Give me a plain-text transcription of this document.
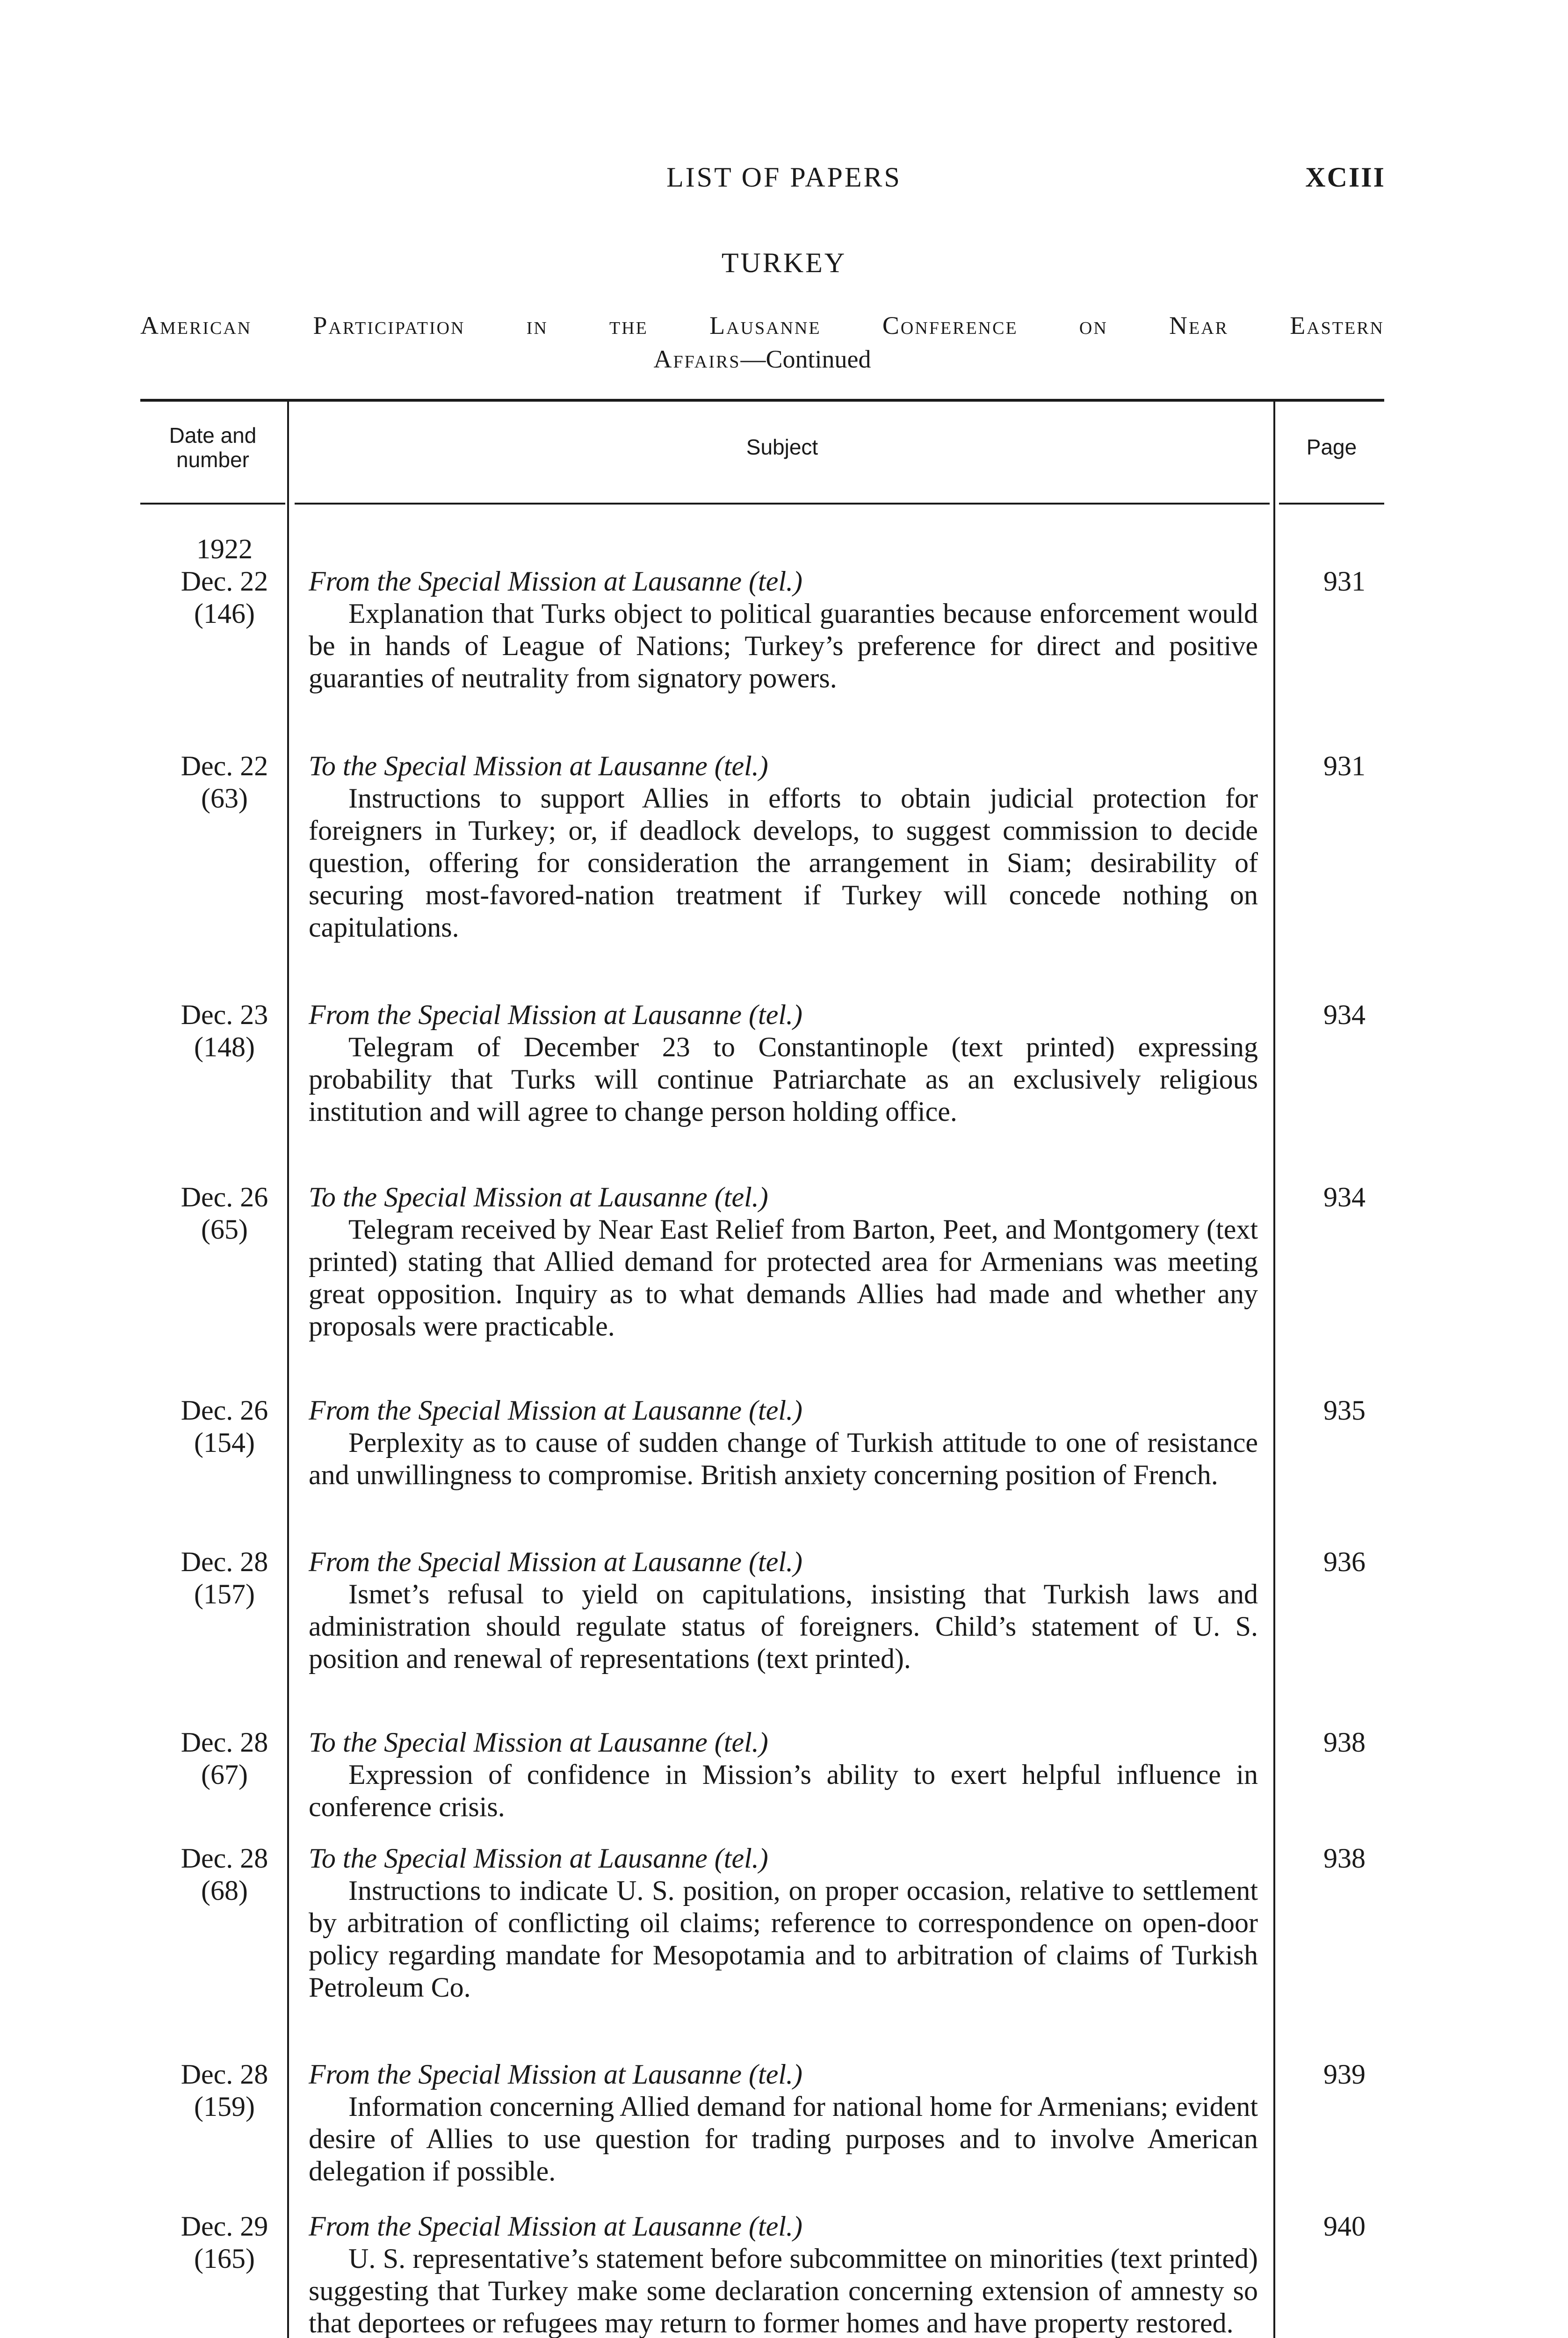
LIST OF PAPERS	XCIII
TURKEY
American Participation in the Lausanne Conference on Near Eastern
Affairs—Continued
Date and
number
Subject	Page
1922
Dec. 22
(146)
From the Special Mission at Lausanne (tel.)
Explanation that Turks object to political guaranties because enforcement would be in hands of League of Nations; Turkey’s preference for direct and positive guaranties of neutrality from signatory powers.
931
Dec. 22
(63)
To the Special Mission at Lausanne (tel.)
Instructions to support Allies in efforts to obtain judicial protection for foreigners in Turkey; or, if deadlock develops, to suggest commission to decide question, offering for consideration the arrangement in Siam; desirability of securing most-favored-nation treatment if Turkey will concede nothing on capitulations.
931
Dec. 23
(148)
From the Special Mission at Lausanne (tel.)
Telegram of December 23 to Constantinople (text printed) expressing probability that Turks will continue Patriarchate as an exclusively religious institution and will agree to change person holding office.
934
Dec. 26
(65)
To the Special Mission at Lausanne (tel.)
Telegram received by Near East Relief from Barton, Peet, and Montgomery (text printed) stating that Allied demand for protected area for Armenians was meeting great opposition. Inquiry as to what demands Allies had made and whether any proposals were practicable.
934
Dec. 26
(154)
From the Special Mission at Lausanne (tel.)
Perplexity as to cause of sudden change of Turkish attitude to one of resistance and unwillingness to compromise. British anxiety concerning position of French.
935
Dec. 28
(157)
From the Special Mission at Lausanne (tel.)
Ismet’s refusal to yield on capitulations, insisting that Turkish laws and administration should regulate status of foreigners. Child’s statement of U. S. position and renewal of representations (text printed).
936
Dec. 28
(67)
To the Special Mission at Lausanne (tel.)
Expression of confidence in Mission’s ability to exert helpful influence in conference crisis.
938
Dec. 28
(68)
To the Special Mission at Lausanne (tel.)
Instructions to indicate U. S. position, on proper occasion, relative to settlement by arbitration of conflicting oil claims; reference to correspondence on open-door policy regarding mandate for Mesopotamia and to arbitration of claims of Turkish Petroleum Co.
938
Dec. 28
(159)
From the Special Mission at Lausanne (tel.)
Information concerning Allied demand for national home for Armenians; evident desire of Allies to use question for trading purposes and to involve American delegation if possible.
939
Dec. 29
(165)
From the Special Mission at Lausanne (tel.)
U. S. representative’s statement before subcommittee on minorities (text printed) suggesting that Turkey make some declaration concerning extension of amnesty so that deportees or refugees may return to former homes and have property restored.
940
